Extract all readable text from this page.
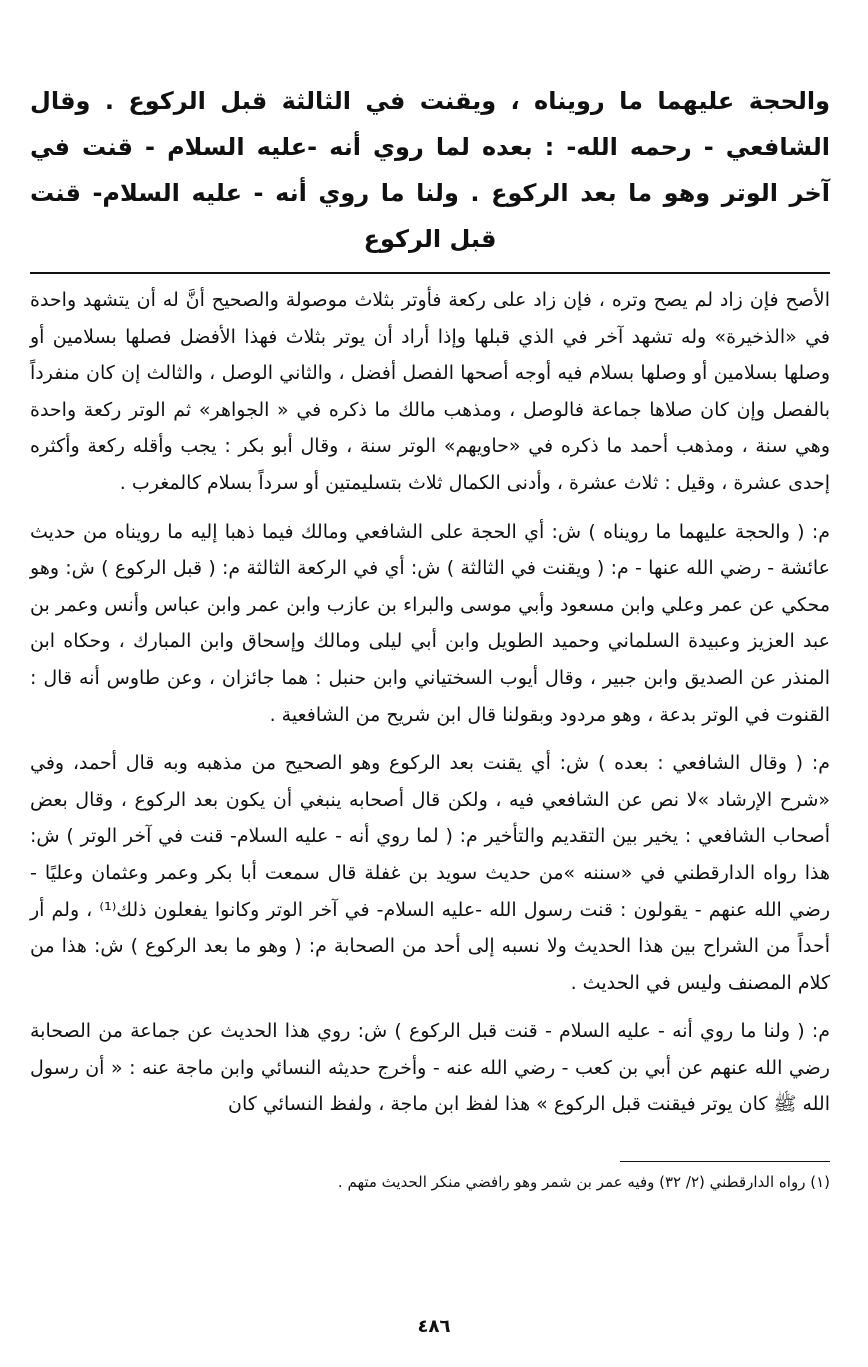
والحجة عليهما ما رويناه ، ويقنت في الثالثة قبل الركوع . وقال الشافعي - رحمه الله- : بعده لما روي أنه -عليه السلام - قنت في آخر الوتر وهو ما بعد الركوع . ولنا ما روي أنه - عليه السلام- قنت قبل الركوع

الأصح فإن زاد لم يصح وتره ، فإن زاد على ركعة فأوتر بثلاث موصولة والصحيح أنَّ له أن يتشهد واحدة في «الذخيرة» وله تشهد آخر في الذي قبلها وإذا أراد أن يوتر بثلاث فهذا الأفضل فصلها بسلامين أو وصلها بسلامين أو وصلها بسلام فيه أوجه أصحها الفصل أفضل ، والثاني الوصل ، والثالث إن كان منفرداً بالفصل وإن كان صلاها جماعة فالوصل ، ومذهب مالك ما ذكره في « الجواهر» ثم الوتر ركعة واحدة وهي سنة ، ومذهب أحمد ما ذكره في «حاويهم» الوتر سنة ، وقال أبو بكر : يجب وأقله ركعة وأكثره إحدى عشرة ، وقيل : ثلاث عشرة ، وأدنى الكمال ثلاث بتسليمتين أو سرداً بسلام كالمغرب .

م: ( والحجة عليهما ما رويناه ) ش: أي الحجة على الشافعي ومالك فيما ذهبا إليه ما رويناه من حديث عائشة - رضي الله عنها - م: ( ويقنت في الثالثة ) ش: أي في الركعة الثالثة م: ( قبل الركوع ) ش: وهو محكي عن عمر وعلي وابن مسعود وأبي موسى والبراء بن عازب وابن عمر وابن عباس وأنس وعمر بن عبد العزيز وعبيدة السلماني وحميد الطويل وابن أبي ليلى ومالك وإسحاق وابن المبارك ، وحكاه ابن المنذر عن الصديق وابن جبير ، وقال أيوب السختياني وابن حنبل : هما جائزان ، وعن طاوس أنه قال : القنوت في الوتر بدعة ، وهو مردود وبقولنا قال ابن شريح من الشافعية .

م: ( وقال الشافعي : بعده ) ش: أي يقنت بعد الركوع وهو الصحيح من مذهبه وبه قال أحمد، وفي «شرح الإرشاد »لا نص عن الشافعي فيه ، ولكن قال أصحابه ينبغي أن يكون بعد الركوع ، وقال بعض أصحاب الشافعي : يخير بين التقديم والتأخير م: ( لما روي أنه - عليه السلام- قنت في آخر الوتر ) ش: هذا رواه الدارقطني في «سننه »من حديث سويد بن غفلة قال سمعت أبا بكر وعمر وعثمان وعليًا - رضي الله عنهم - يقولون : قنت رسول الله -عليه السلام- في آخر الوتر وكانوا يفعلون ذلك⁽¹⁾ ، ولم أر أحداً من الشراح بين هذا الحديث ولا نسبه إلى أحد من الصحابة م: ( وهو ما بعد الركوع ) ش: هذا من كلام المصنف وليس في الحديث .

م: ( ولنا ما روي أنه - عليه السلام - قنت قبل الركوع ) ش: روي هذا الحديث عن جماعة من الصحابة رضي الله عنهم عن أبي بن كعب - رضي الله عنه - وأخرج حديثه النسائي وابن ماجة عنه : « أن رسول الله ﷺ كان يوتر فيقنت قبل الركوع » هذا لفظ ابن ماجة ، ولفظ النسائي كان

(١) رواه الدارقطني (٢/ ٣٢) وفيه عمر بن شمر وهو رافضي منكر الحديث متهم .

٤٨٦
